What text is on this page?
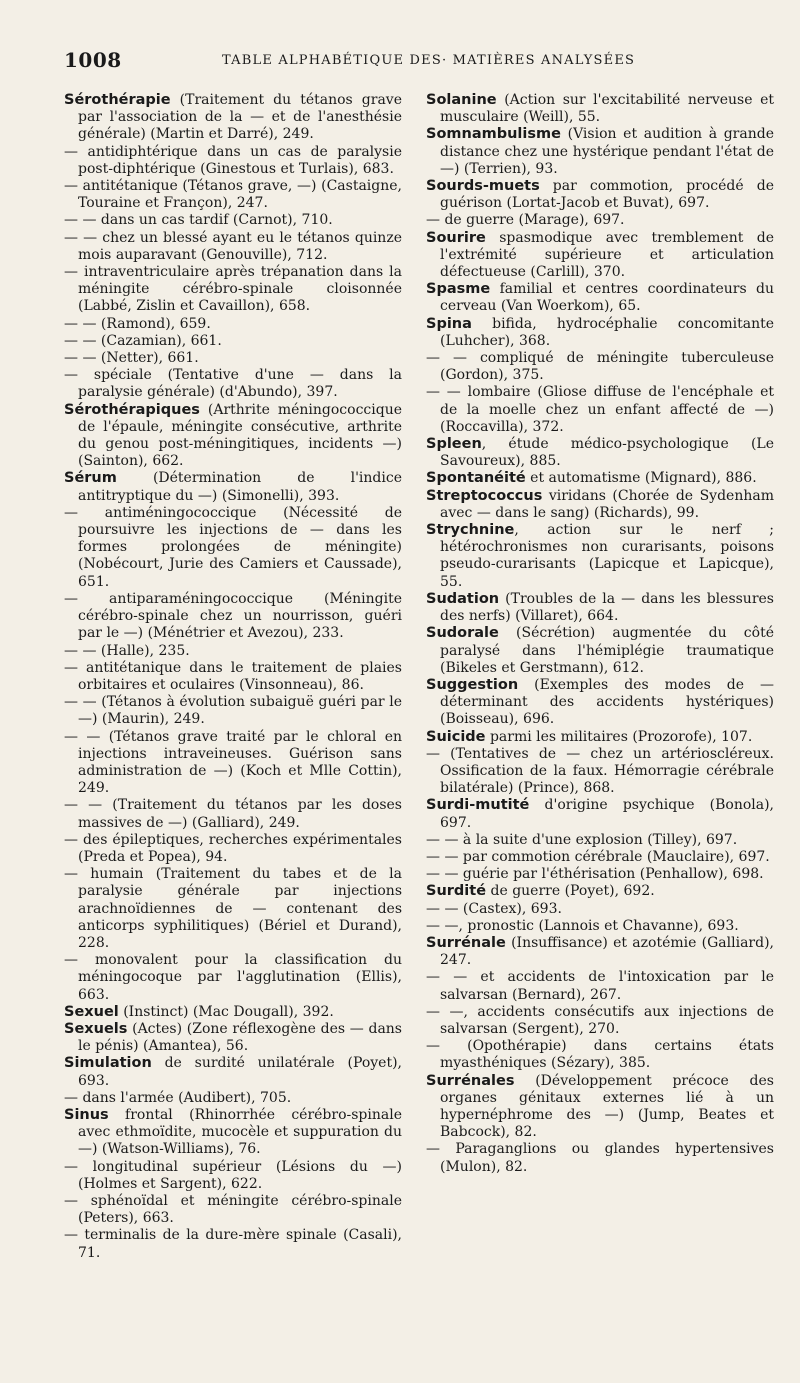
1008	TABLE ALPHABÉTIQUE DES· MATIÈRES ANALYSÉES

Sérothérapie (Traitement du tétanos grave par l'association de la — et de l'anesthésie générale) (Martin et Darré), 249.

— antidiphtérique dans un cas de paralysie post-diphtérique (Ginestous et Turlais), 683.

— antitétanique (Tétanos grave, —) (Castaigne, Touraine et Françon), 247.

— — dans un cas tardif (Carnot), 710.

— — chez un blessé ayant eu le tétanos quinze mois auparavant (Genouville), 712.

— intraventriculaire après trépanation dans la méningite cérébro-spinale cloisonnée (Labbé, Zislin et Cavaillon), 658.

— — (Ramond), 659.

— — (Cazamian), 661.

— — (Netter), 661.

— spéciale (Tentative d'une — dans la paralysie générale) (d'Abundo), 397.

Sérothérapiques (Arthrite méningococcique de l'épaule, méningite consécutive, arthrite du genou post-méningitiques, incidents —) (Sainton), 662.

Sérum (Détermination de l'indice antitryptique du —) (Simonelli), 393.

— antiméningococcique (Nécessité de poursuivre les injections de — dans les formes prolongées de méningite) (Nobécourt, Jurie des Camiers et Caussade), 651.

— antiparaméningococcique (Méningite cérébro-spinale chez un nourrisson, guéri par le —) (Ménétrier et Avezou), 233.

— — (Halle), 235.

— antitétanique dans le traitement de plaies orbitaires et oculaires (Vinsonneau), 86.

— — (Tétanos à évolution subaiguë guéri par le —) (Maurin), 249.

— — (Tétanos grave traité par le chloral en injections intraveineuses. Guérison sans administration de —) (Koch et Mlle Cottin), 249.

— — (Traitement du tétanos par les doses massives de —) (Galliard), 249.

— des épileptiques, recherches expérimentales (Preda et Popea), 94.

— humain (Traitement du tabes et de la paralysie générale par injections arachnoïdiennes de — contenant des anticorps syphilitiques) (Bériel et Durand), 228.

— monovalent pour la classification du méningocoque par l'agglutination (Ellis), 663.

Sexuel (Instinct) (Mac Dougall), 392.

Sexuels (Actes) (Zone réflexogène des — dans le pénis) (Amantea), 56.

Simulation de surdité unilatérale (Poyet), 693.

— dans l'armée (Audibert), 705.

Sinus frontal (Rhinorrhée cérébro-spinale avec ethmoïdite, mucocèle et suppuration du —) (Watson-Williams), 76.

— longitudinal supérieur (Lésions du —) (Holmes et Sargent), 622.

— sphénoïdal et méningite cérébro-spinale (Peters), 663.

— terminalis de la dure-mère spinale (Casali), 71.

Solanine (Action sur l'excitabilité nerveuse et musculaire (Weill), 55.

Somnambulisme (Vision et audition à grande distance chez une hystérique pendant l'état de —) (Terrien), 93.

Sourds-muets par commotion, procédé de guérison (Lortat-Jacob et Buvat), 697.

— de guerre (Marage), 697.

Sourire spasmodique avec tremblement de l'extrémité supérieure et articulation défectueuse (Carlill), 370.

Spasme familial et centres coordinateurs du cerveau (Van Woerkom), 65.

Spina bifida, hydrocéphalie concomitante (Luhcher), 368.

— — compliqué de méningite tuberculeuse (Gordon), 375.

— — lombaire (Gliose diffuse de l'encéphale et de la moelle chez un enfant affecté de —) (Roccavilla), 372.

Spleen, étude médico-psychologique (Le Savoureux), 885.

Spontanéité et automatisme (Mignard), 886.

Streptococcus viridans (Chorée de Sydenham avec — dans le sang) (Richards), 99.

Strychnine, action sur le nerf ; hétérochronismes non curarisants, poisons pseudo-curarisants (Lapicque et Lapicque), 55.

Sudation (Troubles de la — dans les blessures des nerfs) (Villaret), 664.

Sudorale (Sécrétion) augmentée du côté paralysé dans l'hémiplégie traumatique (Bikeles et Gerstmann), 612.

Suggestion (Exemples des modes de — déterminant des accidents hystériques) (Boisseau), 696.

Suicide parmi les militaires (Prozorofe), 107.

— (Tentatives de — chez un artérioscléreux. Ossification de la faux. Hémorragie cérébrale bilatérale) (Prince), 868.

Surdi-mutité d'origine psychique (Bonola), 697.

— — à la suite d'une explosion (Tilley), 697.

— — par commotion cérébrale (Mauclaire), 697.

— — guérie par l'éthérisation (Penhallow), 698.

Surdité de guerre (Poyet), 692.

— — (Castex), 693.

— —, pronostic (Lannois et Chavanne), 693.

Surrénale (Insuffisance) et azotémie (Galliard), 247.

— — et accidents de l'intoxication par le salvarsan (Bernard), 267.

— —, accidents consécutifs aux injections de salvarsan (Sergent), 270.

— (Opothérapie) dans certains états myasthéniques (Sézary), 385.

Surrénales (Développement précoce des organes génitaux externes lié à un hypernéphrome des —) (Jump, Beates et Babcock), 82.

— Paraganglions ou glandes hypertensives (Mulon), 82.
